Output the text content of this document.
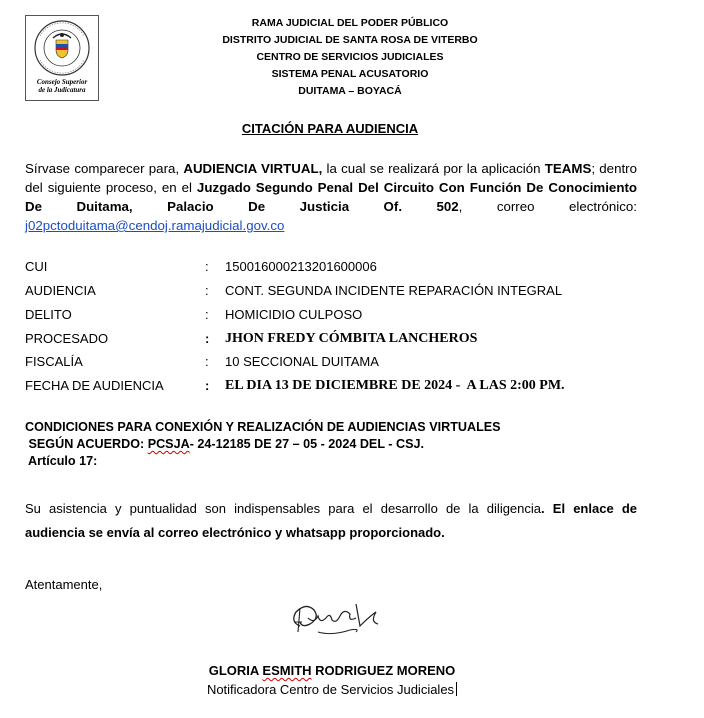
Consejo Superior
de la Judicatura
RAMA JUDICIAL DEL PODER PÚBLICO
DISTRITO JUDICIAL DE SANTA ROSA DE VITERBO
CENTRO DE SERVICIOS JUDICIALES
SISTEMA PENAL ACUSATORIO
DUITAMA – BOYACÁ
CITACIÓN PARA AUDIENCIA
Sírvase comparecer para, AUDIENCIA VIRTUAL, la cual se realizará por la aplicación TEAMS; dentro del siguiente proceso, en el Juzgado Segundo Penal Del Circuito Con Función De Conocimiento De Duitama, Palacio De Justicia Of. 502, correo electrónico: j02pctoduitama@cendoj.ramajudicial.gov.co
CUI	: 150016000213201600006
AUDIENCIA	: CONT. SEGUNDA INCIDENTE REPARACIÓN INTEGRAL
DELITO	: HOMICIDIO CULPOSO
PROCESADO	: JHON FREDY CÓMBITA LANCHEROS
FISCALÍA	: 10 SECCIONAL DUITAMA
FECHA DE AUDIENCIA	: EL DIA 13 DE DICIEMBRE DE 2024 -  A LAS 2:00 PM.
CONDICIONES PARA CONEXIÓN Y REALIZACIÓN DE AUDIENCIAS VIRTUALES
SEGÚN ACUERDO: PCSJA- 24-12185 DE 27 – 05 - 2024 DEL - CSJ.
Artículo 17:
Su asistencia y puntualidad son indispensables para el desarrollo de la diligencia. El enlace de audiencia se envía al correo electrónico y whatsapp proporcionado.
Atentamente,
GLORIA ESMITH RODRIGUEZ MORENO
Notificadora Centro de Servicios Judiciales
